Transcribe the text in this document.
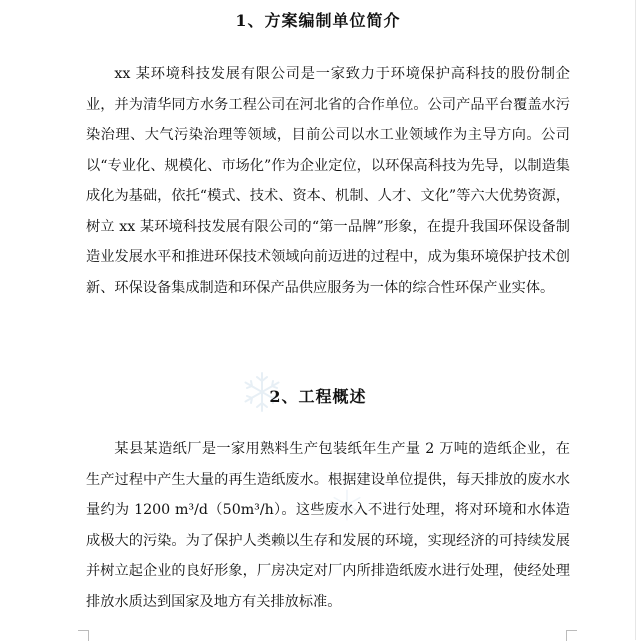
1、方案编制单位简介
xx 某环境科技发展有限公司是一家致力于环境保护高科技的股份制企业，并为清华同方水务工程公司在河北省的合作单位。公司产品平台覆盖水污染治理、大气污染治理等领域，目前公司以水工业领域作为主导方向。公司以“专业化、规模化、市场化”作为企业定位，以环保高科技为先导，以制造集成化为基础，依托“模式、技术、资本、机制、人才、文化”等六大优势资源，树立 xx 某环境科技发展有限公司的“第一品牌”形象，在提升我国环保设备制造业发展水平和推进环保技术领域向前迈进的过程中，成为集环境保护技术创新、环保设备集成制造和环保产品供应服务为一体的综合性环保产业实体。
2、工程概述
某县某造纸厂是一家用熟料生产包装纸年生产量 2 万吨的造纸企业，在生产过程中产生大量的再生造纸废水。根据建设单位提供，每天排放的废水水量约为 1200 m³/d（50m³/h）。这些废水入不进行处理，将对环境和水体造成极大的污染。为了保护人类赖以生存和发展的环境，实现经济的可持续发展并树立起企业的良好形象，厂房决定对厂内所排造纸废水进行处理，使经处理排放水质达到国家及地方有关排放标准。
